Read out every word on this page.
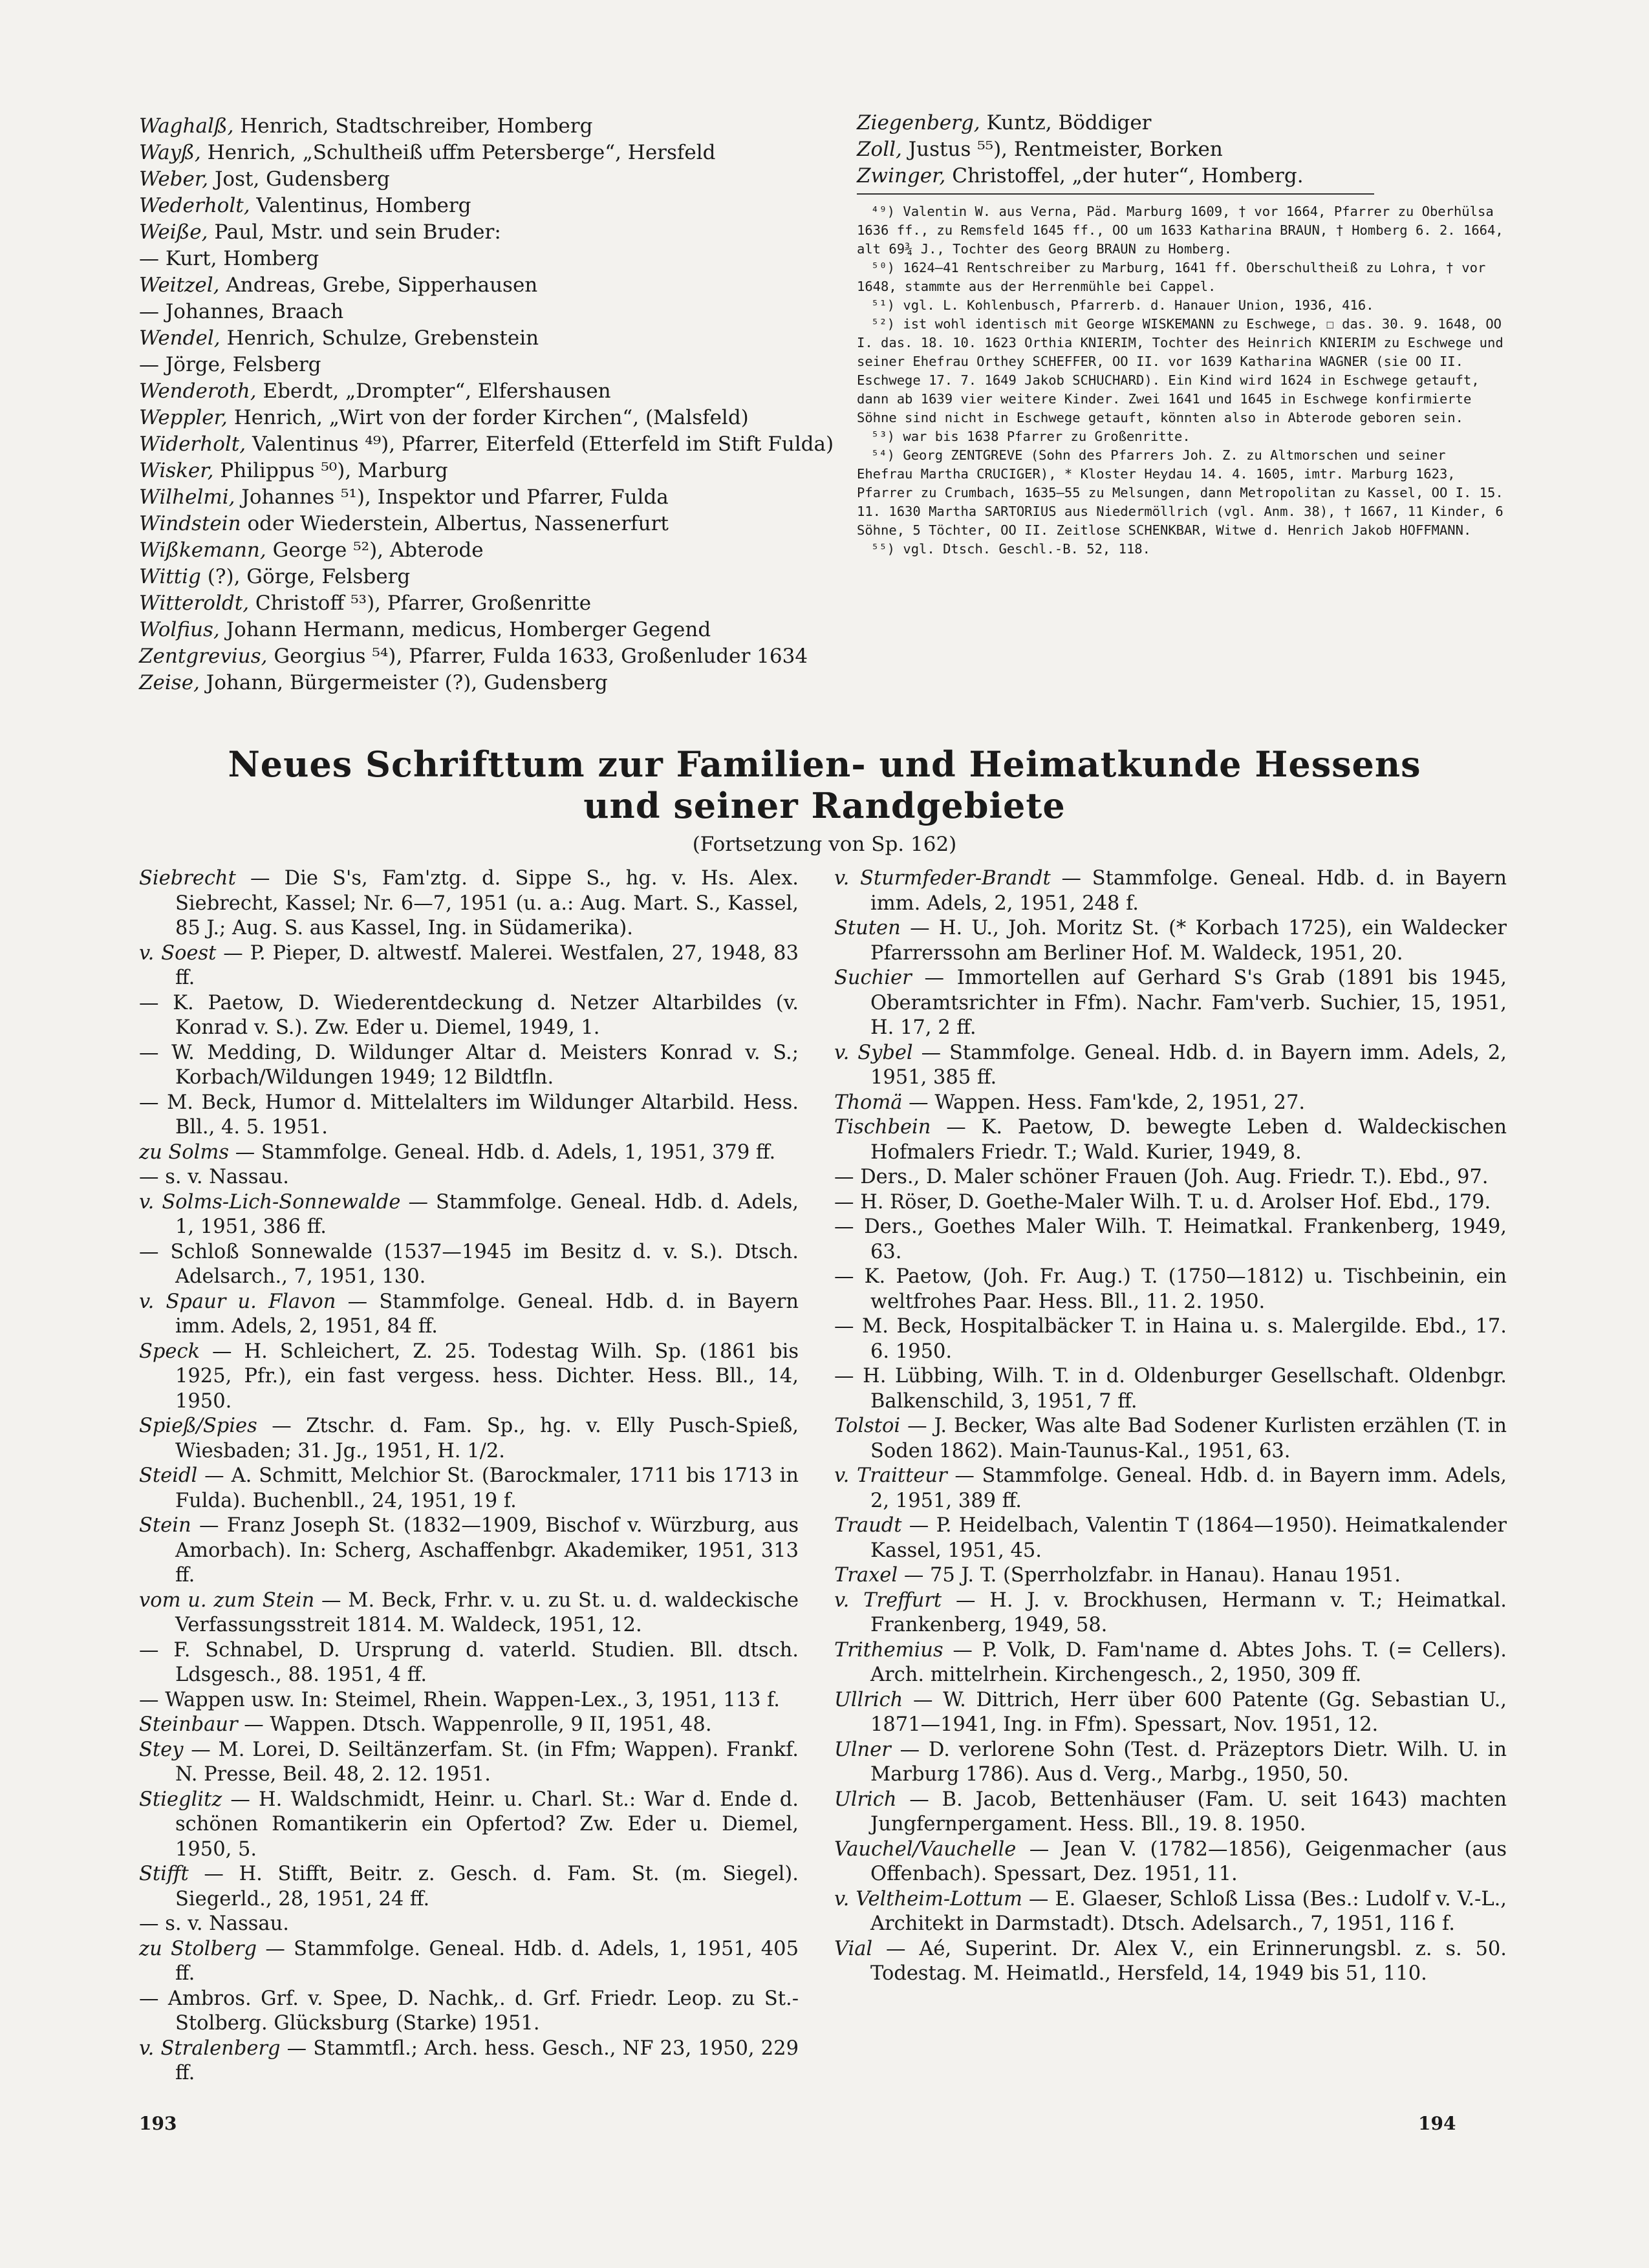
Waghalß, Henrich, Stadtschreiber, Homberg

Wayß, Henrich, „Schultheiß uffm Petersberge“, Hersfeld

Weber, Jost, Gudensberg

Wederholt, Valentinus, Homberg

Weiße, Paul, Mstr. und sein Bruder:

— Kurt, Homberg

Weitzel, Andreas, Grebe, Sipperhausen

— Johannes, Braach

Wendel, Henrich, Schulze, Grebenstein

— Jörge, Felsberg

Wenderoth, Eberdt, „Drompter“, Elfershausen

Weppler, Henrich, „Wirt von der forder Kirchen“, (Malsfeld)

Widerholt, Valentinus ⁴⁹), Pfarrer, Eiterfeld (Etterfeld im Stift Fulda)

Wisker, Philippus ⁵⁰), Marburg

Wilhelmi, Johannes ⁵¹), Inspektor und Pfarrer, Fulda

Windstein oder Wiederstein, Albertus, Nassenerfurt

Wißkemann, George ⁵²), Abterode

Wittig (?), Görge, Felsberg

Witteroldt, Christoff ⁵³), Pfarrer, Großenritte

Wolfius, Johann Hermann, medicus, Homberger Gegend

Zentgrevius, Georgius ⁵⁴), Pfarrer, Fulda 1633, Großenluder 1634

Zeise, Johann, Bürgermeister (?), Gudensberg

Ziegenberg, Kuntz, Böddiger

Zoll, Justus ⁵⁵), Rentmeister, Borken

Zwinger, Christoffel, „der huter“, Homberg.

⁴⁹) Valentin W. aus Verna, Päd. Marburg 1609, † vor 1664, Pfarrer zu Oberhülsa 1636 ff., zu Remsfeld 1645 ff., OO um 1633 Katharina BRAUN, † Homberg 6. 2. 1664, alt 69¾ J., Tochter des Georg BRAUN zu Homberg.

⁵⁰) 1624—41 Rentschreiber zu Marburg, 1641 ff. Oberschultheiß zu Lohra, † vor 1648, stammte aus der Herrenmühle bei Cappel.

⁵¹) vgl. L. Kohlenbusch, Pfarrerb. d. Hanauer Union, 1936, 416.

⁵²) ist wohl identisch mit George WISKEMANN zu Eschwege, ☐ das. 30. 9. 1648, OO I. das. 18. 10. 1623 Orthia KNIERIM, Tochter des Heinrich KNIERIM zu Eschwege und seiner Ehefrau Orthey SCHEFFER, OO II. vor 1639 Katharina WAGNER (sie OO II. Eschwege 17. 7. 1649 Jakob SCHUCHARD). Ein Kind wird 1624 in Eschwege getauft, dann ab 1639 vier weitere Kinder. Zwei 1641 und 1645 in Eschwege konfirmierte Söhne sind nicht in Eschwege getauft, könnten also in Abterode geboren sein.

⁵³) war bis 1638 Pfarrer zu Großenritte.

⁵⁴) Georg ZENTGREVE (Sohn des Pfarrers Joh. Z. zu Altmorschen und seiner Ehefrau Martha CRUCIGER), * Kloster Heydau 14. 4. 1605, imtr. Marburg 1623, Pfarrer zu Crumbach, 1635—55 zu Melsungen, dann Metropolitan zu Kassel, OO I. 15. 11. 1630 Martha SARTORIUS aus Niedermöllrich (vgl. Anm. 38), † 1667, 11 Kinder, 6 Söhne, 5 Töchter, OO II. Zeitlose SCHENKBAR, Witwe d. Henrich Jakob HOFFMANN.

⁵⁵) vgl. Dtsch. Geschl.-B. 52, 118.

Neues Schrifttum zur Familien- und Heimatkunde Hessens
und seiner Randgebiete
(Fortsetzung von Sp. 162)

Siebrecht — Die S's, Fam'ztg. d. Sippe S., hg. v. Hs. Alex. Siebrecht, Kassel; Nr. 6—7, 1951 (u. a.: Aug. Mart. S., Kassel, 85 J.; Aug. S. aus Kassel, Ing. in Südamerika).

v. Soest — P. Pieper, D. altwestf. Malerei. Westfalen, 27, 1948, 83 ff.

— K. Paetow, D. Wiederentdeckung d. Netzer Altarbildes (v. Konrad v. S.). Zw. Eder u. Diemel, 1949, 1.

— W. Medding, D. Wildunger Altar d. Meisters Konrad v. S.; Korbach/Wildungen 1949; 12 Bildtfln.

— M. Beck, Humor d. Mittelalters im Wildunger Altarbild. Hess. Bll., 4. 5. 1951.

zu Solms — Stammfolge. Geneal. Hdb. d. Adels, 1, 1951, 379 ff.

— s. v. Nassau.

v. Solms-Lich-Sonnewalde — Stammfolge. Geneal. Hdb. d. Adels, 1, 1951, 386 ff.

— Schloß Sonnewalde (1537—1945 im Besitz d. v. S.). Dtsch. Adelsarch., 7, 1951, 130.

v. Spaur u. Flavon — Stammfolge. Geneal. Hdb. d. in Bayern imm. Adels, 2, 1951, 84 ff.

Speck — H. Schleichert, Z. 25. Todestag Wilh. Sp. (1861 bis 1925, Pfr.), ein fast vergess. hess. Dichter. Hess. Bll., 14, 1950.

Spieß/Spies — Ztschr. d. Fam. Sp., hg. v. Elly Pusch-Spieß, Wiesbaden; 31. Jg., 1951, H. 1/2.

Steidl — A. Schmitt, Melchior St. (Barockmaler, 1711 bis 1713 in Fulda). Buchenbll., 24, 1951, 19 f.

Stein — Franz Joseph St. (1832—1909, Bischof v. Würzburg, aus Amorbach). In: Scherg, Aschaffenbgr. Akademiker, 1951, 313 ff.

vom u. zum Stein — M. Beck, Frhr. v. u. zu St. u. d. waldeckische Verfassungsstreit 1814. M. Waldeck, 1951, 12.

— F. Schnabel, D. Ursprung d. vaterld. Studien. Bll. dtsch. Ldsgesch., 88. 1951, 4 ff.

— Wappen usw. In: Steimel, Rhein. Wappen-Lex., 3, 1951, 113 f.

Steinbaur — Wappen. Dtsch. Wappenrolle, 9 II, 1951, 48.

Stey — M. Lorei, D. Seiltänzerfam. St. (in Ffm; Wappen). Frankf. N. Presse, Beil. 48, 2. 12. 1951.

Stieglitz — H. Waldschmidt, Heinr. u. Charl. St.: War d. Ende d. schönen Romantikerin ein Opfertod? Zw. Eder u. Diemel, 1950, 5.

Stifft — H. Stifft, Beitr. z. Gesch. d. Fam. St. (m. Siegel). Siegerld., 28, 1951, 24 ff.

— s. v. Nassau.

zu Stolberg — Stammfolge. Geneal. Hdb. d. Adels, 1, 1951, 405 ff.

— Ambros. Grf. v. Spee, D. Nachk,. d. Grf. Friedr. Leop. zu St.-Stolberg. Glücksburg (Starke) 1951.

v. Stralenberg — Stammtfl.; Arch. hess. Gesch., NF 23, 1950, 229 ff.

v. Sturmfeder-Brandt — Stammfolge. Geneal. Hdb. d. in Bayern imm. Adels, 2, 1951, 248 f.

Stuten — H. U., Joh. Moritz St. (* Korbach 1725), ein Waldecker Pfarrerssohn am Berliner Hof. M. Waldeck, 1951, 20.

Suchier — Immortellen auf Gerhard S's Grab (1891 bis 1945, Oberamtsrichter in Ffm). Nachr. Fam'verb. Suchier, 15, 1951, H. 17, 2 ff.

v. Sybel — Stammfolge. Geneal. Hdb. d. in Bayern imm. Adels, 2, 1951, 385 ff.

Thomä — Wappen. Hess. Fam'kde, 2, 1951, 27.

Tischbein — K. Paetow, D. bewegte Leben d. Waldeckischen Hofmalers Friedr. T.; Wald. Kurier, 1949, 8.

— Ders., D. Maler schöner Frauen (Joh. Aug. Friedr. T.). Ebd., 97.

— H. Röser, D. Goethe-Maler Wilh. T. u. d. Arolser Hof. Ebd., 179.

— Ders., Goethes Maler Wilh. T. Heimatkal. Frankenberg, 1949, 63.

— K. Paetow, (Joh. Fr. Aug.) T. (1750—1812) u. Tischbeinin, ein weltfrohes Paar. Hess. Bll., 11. 2. 1950.

— M. Beck, Hospitalbäcker T. in Haina u. s. Malergilde. Ebd., 17. 6. 1950.

— H. Lübbing, Wilh. T. in d. Oldenburger Gesellschaft. Oldenbgr. Balkenschild, 3, 1951, 7 ff.

Tolstoi — J. Becker, Was alte Bad Sodener Kurlisten erzählen (T. in Soden 1862). Main-Taunus-Kal., 1951, 63.

v. Traitteur — Stammfolge. Geneal. Hdb. d. in Bayern imm. Adels, 2, 1951, 389 ff.

Traudt — P. Heidelbach, Valentin T (1864—1950). Heimatkalender Kassel, 1951, 45.

Traxel — 75 J. T. (Sperrholzfabr. in Hanau). Hanau 1951.

v. Treffurt — H. J. v. Brockhusen, Hermann v. T.; Heimatkal. Frankenberg, 1949, 58.

Trithemius — P. Volk, D. Fam'name d. Abtes Johs. T. (= Cellers). Arch. mittelrhein. Kirchengesch., 2, 1950, 309 ff.

Ullrich — W. Dittrich, Herr über 600 Patente (Gg. Sebastian U., 1871—1941, Ing. in Ffm). Spessart, Nov. 1951, 12.

Ulner — D. verlorene Sohn (Test. d. Präzeptors Dietr. Wilh. U. in Marburg 1786). Aus d. Verg., Marbg., 1950, 50.

Ulrich — B. Jacob, Bettenhäuser (Fam. U. seit 1643) machten Jungfernpergament. Hess. Bll., 19. 8. 1950.

Vauchel/Vauchelle — Jean V. (1782—1856), Geigenmacher (aus Offenbach). Spessart, Dez. 1951, 11.

v. Veltheim-Lottum — E. Glaeser, Schloß Lissa (Bes.: Ludolf v. V.-L., Architekt in Darmstadt). Dtsch. Adelsarch., 7, 1951, 116 f.

Vial — Aé, Superint. Dr. Alex V., ein Erinnerungsbl. z. s. 50. Todestag. M. Heimatld., Hersfeld, 14, 1949 bis 51, 110.

193	194
